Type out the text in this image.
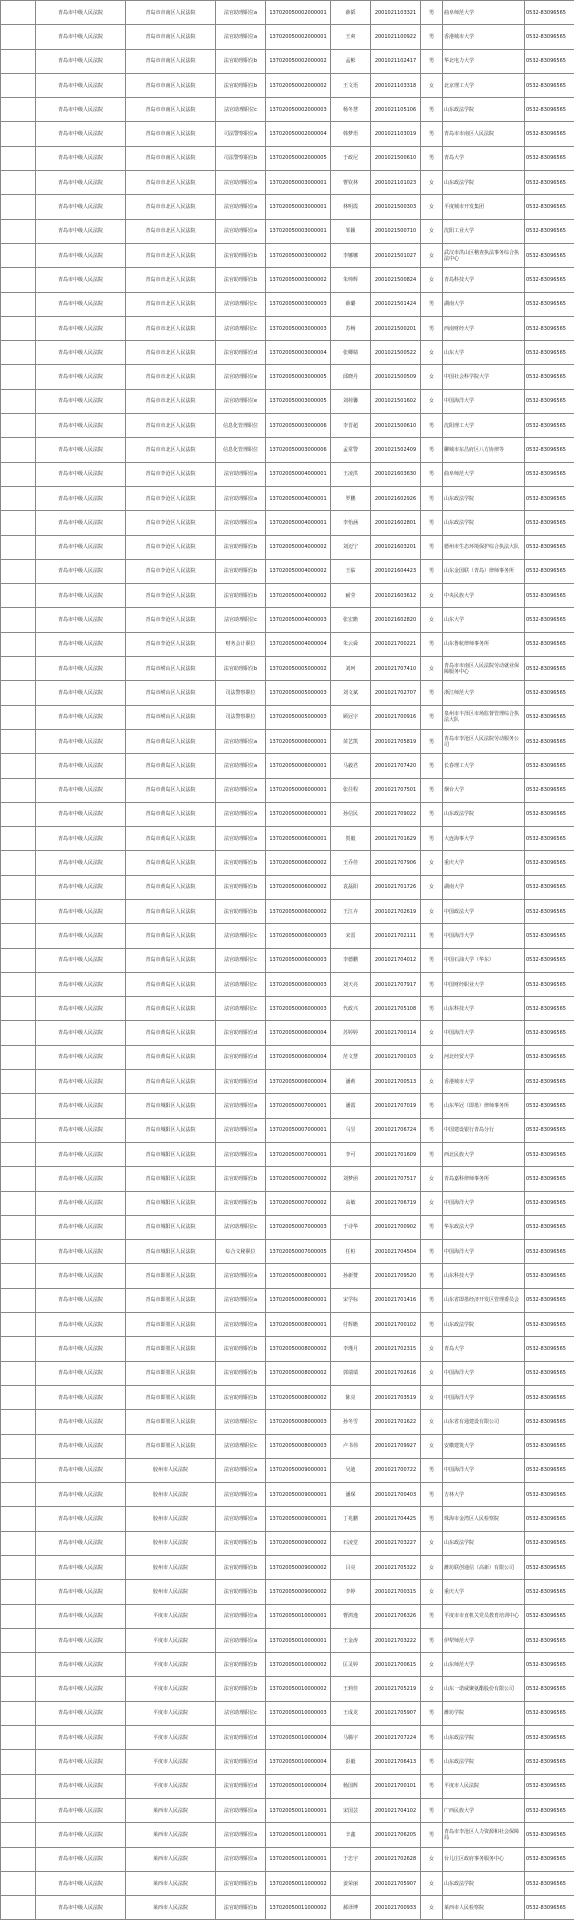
	青岛市中级人民法院	青岛市市南区人民法院	法官助理职位a	137020050002000001	薛韬	2001021103321	男	曲阜师范大学	0532-83096565
	青岛市中级人民法院	青岛市市南区人民法院	法官助理职位a	137020050002000001	王爽	2001021100922	男	香港城市大学	0532-83096565
	青岛市中级人民法院	青岛市市南区人民法院	法官助理职位b	137020050002000002	孟彬	2001021102417	男	华北电力大学	0532-83096565
	青岛市中级人民法院	青岛市市南区人民法院	法官助理职位b	137020050002000002	王文语	2001021103318	女	北京理工大学	0532-83096565
	青岛市中级人民法院	青岛市市南区人民法院	法官助理职位c	137020050002000003	杨冬慧	2001021105106	男	山东政法学院	0532-83096565
	青岛市中级人民法院	青岛市市南区人民法院	司法警察职位a	137020050002000004	韩梦语	2001021103019	男	青岛市市南区人民法院	0532-83096565
	青岛市中级人民法院	青岛市市南区人民法院	司法警察职位b	137020050002000005	于政尼	2001021500610	男	青岛大学	0532-83096565
	青岛市中级人民法院	青岛市市北区人民法院	法官助理职位a	137020050003000001	曹钦林	2001021101023	女	山东政法学院	0532-83096565
	青岛市中级人民法院	青岛市市北区人民法院	法官助理职位a	137020050003000001	林明霞	2001021500303	女	平度城市开发集团	0532-83096565
	青岛市中级人民法院	青岛市市北区人民法院	法官助理职位a	137020050003000001	邹颖	2001021500710	女	沈阳工业大学	0532-83096565
	青岛市中级人民法院	青岛市市北区人民法院	法官助理职位b	137020050003000002	李娜娜	2001021501027	女	武汉市洪山区稽查执法事务综合执法中心	0532-83096565
	青岛市中级人民法院	青岛市市北区人民法院	法官助理职位b	137020050003000002	朱帅辉	2001021500824	女	青岛科技大学	0532-83096565
	青岛市中级人民法院	青岛市市北区人民法院	法官助理职位c	137020050003000003	薛璐	2001021501424	男	湖南大学	0532-83096565
	青岛市中级人民法院	青岛市市北区人民法院	法官助理职位c	137020050003000003	苏畅	2001021500201	男	西南财经大学	0532-83096565
	青岛市中级人民法院	青岛市市北区人民法院	法官助理职位d	137020050003000004	张卿婧	2001021500522	女	山东大学	0532-83096565
	青岛市中级人民法院	青岛市市北区人民法院	法官助理职位e	137020050003000005	邱晓丹	2001021500509	女	中国社会科学院大学	0532-83096565
	青岛市中级人民法院	青岛市市北区人民法院	法官助理职位e	137020050003000005	刘荷馨	2001021501602	女	中国海洋大学	0532-83096565
	青岛市中级人民法院	青岛市市北区人民法院	信息化管理职位	137020050003000006	李晋超	2001021500610	男	沈阳理工大学	0532-83096565
	青岛市中级人民法院	青岛市市北区人民法院	信息化管理职位	137020050003000006	孟常警	2001021502409	男	聊城市东昌府区八方协律等	0532-83096565
	青岛市中级人民法院	青岛市李沧区人民法院	法官助理职位a	137020050004000001	王凌洪	2001021603630	男	曲阜师范大学	0532-83096565
	青岛市中级人民法院	青岛市李沧区人民法院	法官助理职位a	137020050004000001	罗鹏	2001021602926	男	山东政法学院	0532-83096565
	青岛市中级人民法院	青岛市李沧区人民法院	法官助理职位a	137020050004000001	李怡涵	2001021602801	男	山东政法学院	0532-83096565
	青岛市中级人民法院	青岛市李沧区人民法院	法官助理职位b	137020050004000002	刘迈宁	2001021603201	男	德州市生态环境保护综合执法大队	0532-83096565
	青岛市中级人民法院	青岛市李沧区人民法院	法官助理职位b	137020050004000002	王临	2001021604423	男	山东金国联（青岛）律师事务所	0532-83096565
	青岛市中级人民法院	青岛市李沧区人民法院	法官助理职位b	137020050004000002	耐莹	2001021603612	女	中央民族大学	0532-83096565
	青岛市中级人民法院	青岛市李沧区人民法院	法官助理职位c	137020050004000003	张宏瞻	2001021602820	女	山东大学	0532-83096565
	青岛市中级人民法院	青岛市李沧区人民法院	财务会计职位	137020050004000004	朱云舜	2001021700221	男	山东鲁航律师事务所	0532-83096565
	青岛市中级人民法院	青岛市崂山区人民法院	法官助理职位b	137020050005000002	刘珂	2001021707410	女	青岛市市南区人民法院劳动就业保障服务中心	0532-83096565
	青岛市中级人民法院	青岛市崂山区人民法院	司法警察职位	137020050005000003	刘文斌	2001021702707	男	浙江师范大学	0532-83096565
	青岛市中级人民法院	青岛市崂山区人民法院	司法警察职位	137020050005000003	顾冠宇	2001021700916	男	泉州市丰泽区市场监督管理综合执法大队	0532-83096565
	青岛市中级人民法院	青岛市黄岛区人民法院	法官助理职位a	137020050006000001	苗艺凯	2001021705819	男	青岛市李沧区人民法院劳动服务公司	0532-83096565
	青岛市中级人民法院	青岛市黄岛区人民法院	法官助理职位a	137020050006000001	马毅君	2001021707420	男	长春理工大学	0532-83096565
	青岛市中级人民法院	青岛市黄岛区人民法院	法官助理职位a	137020050006000001	张茌程	2001021707501	男	烟台大学	0532-83096565
	青岛市中级人民法院	青岛市黄岛区人民法院	法官助理职位a	137020050006000001	孙信民	2001021709022	男	山东政法学院	0532-83096565
	青岛市中级人民法院	青岛市黄岛区人民法院	法官助理职位a	137020050006000001	贺毅	2001021701629	男	大连海事大学	0532-83096565
	青岛市中级人民法院	青岛市黄岛区人民法院	法官助理职位b	137020050006000002	王乔佳	2001021707906	女	重庆大学	0532-83096565
	青岛市中级人民法院	青岛市黄岛区人民法院	法官助理职位b	137020050006000002	袁磊阳	2001021701726	女	湖南大学	0532-83096565
	青岛市中级人民法院	青岛市黄岛区人民法院	法官助理职位b	137020050006000002	王江卉	2001021702619	女	中国政法大学	0532-83096565
	青岛市中级人民法院	青岛市黄岛区人民法院	法官助理职位c	137020050006000003	宋雷	2001021702111	男	中国海洋大学	0532-83096565
	青岛市中级人民法院	青岛市黄岛区人民法院	法官助理职位c	137020050006000003	李德鹏	2001021704012	男	中国石油大学（华东）	0532-83096565
	青岛市中级人民法院	青岛市黄岛区人民法院	法官助理职位c	137020050006000003	刘天亮	2001021707917	男	中国财经职业大学	0532-83096565
	青岛市中级人民法院	青岛市黄岛区人民法院	法官助理职位c	137020050006000003	代政兴	2001021705108	男	山东科技大学	0532-83096565
	青岛市中级人民法院	青岛市黄岛区人民法院	法官助理职位d	137020050006000004	苏婷婷	2001021700114	女	中国海洋大学	0532-83096565
	青岛市中级人民法院	青岛市黄岛区人民法院	法官助理职位d	137020050006000004	范文慧	2001021700103	女	河北经贸大学	0532-83096565
	青岛市中级人民法院	青岛市黄岛区人民法院	法官助理职位d	137020050006000004	潘莉	2001021700513	女	香港城市大学	0532-83096565
	青岛市中级人民法院	青岛市城阳区人民法院	法官助理职位a	137020050007000001	潘霞	2001021707019	男	山东华冠（即墨）律师事务所	0532-83096565
	青岛市中级人民法院	青岛市城阳区人民法院	法官助理职位a	137020050007000001	马昱	2001021706724	男	中国建设银行青岛分行	0532-83096565
	青岛市中级人民法院	青岛市城阳区人民法院	法官助理职位a	137020050007000001	李可	2001021701609	男	西北民族大学	0532-83096565
	青岛市中级人民法院	青岛市城阳区人民法院	法官助理职位b	137020050007000002	刘梦函	2001021707517	女	青岛嘉科律师事务所	0532-83096565
	青岛市中级人民法院	青岛市城阳区人民法院	法官助理职位b	137020050007000002	高敏	2001021706719	女	中国海洋大学	0532-83096565
	青岛市中级人民法院	青岛市城阳区人民法院	法官助理职位c	137020050007000003	于诗华	2001021700902	男	华东政法大学	0532-83096565
	青岛市中级人民法院	青岛市城阳区人民法院	综合文秘职位	137020050007000005	任桓	2001021704504	男	中国海洋大学	0532-83096565
	青岛市中级人民法院	青岛市即墨区人民法院	法官助理职位a	137020050008000001	孙新赞	2001021709520	男	山东科技大学	0532-83096565
	青岛市中级人民法院	青岛市即墨区人民法院	法官助理职位a	137020050008000001	宋学标	2001021701416	男	山东省即墨经济开发区管理委员会	0532-83096565
	青岛市中级人民法院	青岛市即墨区人民法院	法官助理职位a	137020050008000001	付辉瞻	2001021700102	男	山东政法学院	0532-83096565
	青岛市中级人民法院	青岛市即墨区人民法院	法官助理职位b	137020050008000002	李瑾月	2001021702315	女	青岛大学	0532-83096565
	青岛市中级人民法院	青岛市即墨区人民法院	法官助理职位b	137020050008000002	郭瑞瑞	2001021702616	女	中国海洋大学	0532-83096565
	青岛市中级人民法院	青岛市即墨区人民法院	法官助理职位b	137020050008000002	陈亮	2001021703519	女	中国海洋大学	0532-83096565
	青岛市中级人民法院	青岛市即墨区人民法院	法官助理职位c	137020050008000003	孙冬雪	2001021701622	女	山东省有通建设有限公司	0532-83096565
	青岛市中级人民法院	青岛市即墨区人民法院	法官助理职位c	137020050008000003	卢书伟	2001021709927	女	安徽建筑大学	0532-83096565
	青岛市中级人民法院	胶州市人民法院	法官助理职位a	137020050009000001	吴迪	2001021700722	男	中国海洋大学	0532-83096565
	青岛市中级人民法院	胶州市人民法院	法官助理职位a	137020050009000001	潘琛	2001021700403	男	吉林大学	0532-83096565
	青岛市中级人民法院	胶州市人民法院	法官助理职位a	137020050009000001	丁兆鹏	2001021704425	男	珠海市金湾区人民检察院	0532-83096565
	青岛市中级人民法院	胶州市人民法院	法官助理职位b	137020050009000002	石凌堂	2001021703227	女	山东政法学院	0532-83096565
	青岛市中级人民法院	胶州市人民法院	法官助理职位b	137020050009000002	吕亮	2001021705322	女	潍坊联创通信（高新）有限公司	0532-83096565
	青岛市中级人民法院	胶州市人民法院	法官助理职位b	137020050009000002	李婷	2001021700315	女	重庆大学	0532-83096565
	青岛市中级人民法院	平度市人民法院	法官助理职位a	137020050010000001	曹鸿逸	2001021706326	男	平度市市直机关党员教育培训中心	0532-83096565
	青岛市中级人民法院	平度市人民法院	法官助理职位a	137020050010000001	王金涛	2001021703222	男	伊犁师范大学	0532-83096565
	青岛市中级人民法院	平度市人民法院	法官助理职位b	137020050010000002	匡灵婷	2001021700615	女	山东师范大学	0532-83096565
	青岛市中级人民法院	平度市人民法院	法官助理职位b	137020050010000002	王莉佳	2001021705219	女	山东一诺威聚氨酯股份有限公司	0532-83096565
	青岛市中级人民法院	平度市人民法院	法官助理职位c	137020050010000003	王成龙	2001021705907	男	潍坊学院	0532-83096565
	青岛市中级人民法院	平度市人民法院	法官助理职位d	137020050010000004	马腾宇	2001021707224	男	山东政法学院	0532-83096565
	青岛市中级人民法院	平度市人民法院	法官助理职位d	137020050010000004	彭毅	2001021706413	男	山东政法学院	0532-83096565
	青岛市中级人民法院	平度市人民法院	法官助理职位d	137020050010000004	杨国辉	2001021700101	男	平度市人民法院	0532-83096565
	青岛市中级人民法院	莱西市人民法院	法官助理职位a	137020050011000001	宋国芸	2001021704102	男	广西民族大学	0532-83096565
	青岛市中级人民法院	莱西市人民法院	法官助理职位a	137020050011000001	辛鑫	2001021706205	男	青岛市李沧区人力资源和社会保障局	0532-83096565
	青岛市中级人民法院	莱西市人民法院	法官助理职位a	137020050011000001	于忠宇	2001021702628	女	台儿庄区政府事务服务中心	0532-83096565
	青岛市中级人民法院	莱西市人民法院	法官助理职位b	137020050011000002	姜荣丽	2001021705907	女	山东政法学院	0532-83096565
	青岛市中级人民法院	莱西市人民法院	法官助理职位b	137020050011000002	郝译博	2001021700933	女	莱西市人民检察院	0532-83096565
